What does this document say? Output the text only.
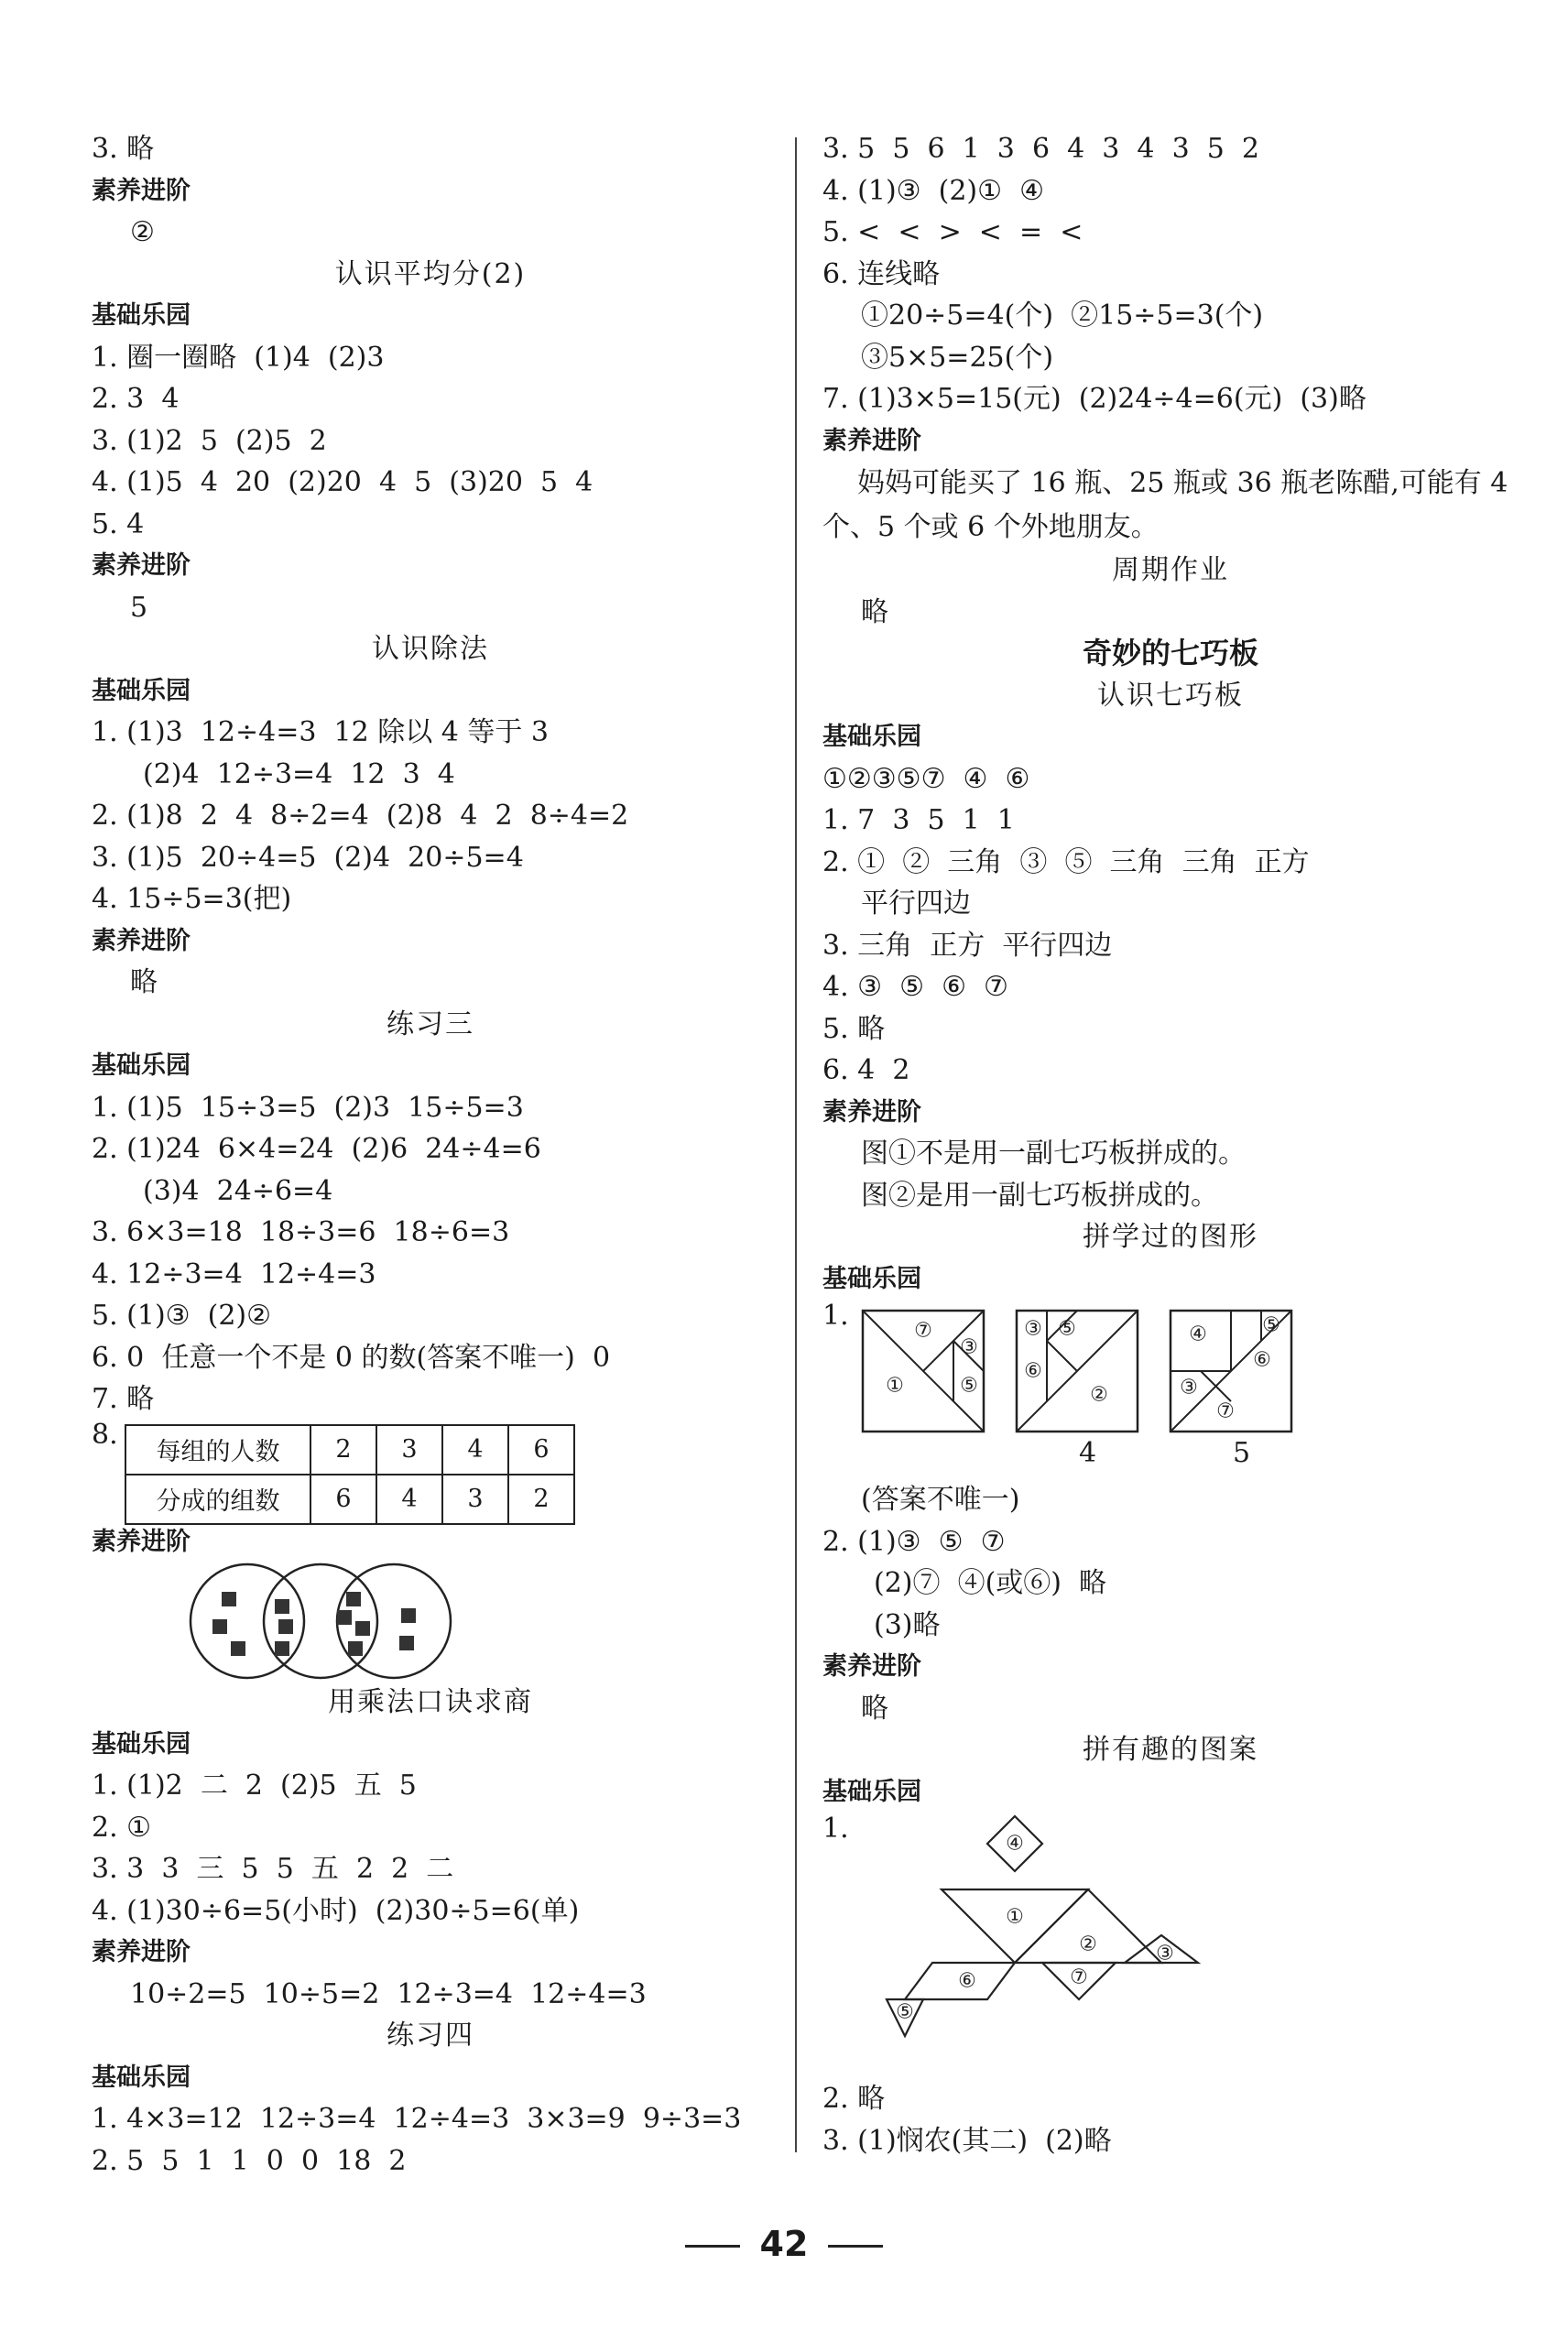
3. 略
素养进阶
②
认识平均分(2)
基础乐园
1. 圈一圈略  (1)4  (2)3
2. 3  4
3. (1)2  5  (2)5  2
4. (1)5  4  20  (2)20  4  5  (3)20  5  4
5. 4
素养进阶
5
认识除法
基础乐园
1. (1)3  12÷4=3  12 除以 4 等于 3
(2)4  12÷3=4  12  3  4
2. (1)8  2  4  8÷2=4  (2)8  4  2  8÷4=2
3. (1)5  20÷4=5  (2)4  20÷5=4
4. 15÷5=3(把)
素养进阶
略
练习三
基础乐园
1. (1)5  15÷3=5  (2)3  15÷5=3
2. (1)24  6×4=24  (2)6  24÷4=6
(3)4  24÷6=4
3. 6×3=18  18÷3=6  18÷6=3
4. 12÷3=4  12÷4=3
5. (1)③  (2)②
6. 0  任意一个不是 0 的数(答案不唯一)  0
7. 略
8.
每组的人数	2	3	4	6
分成的组数	6	4	3	2
素养进阶
用乘法口诀求商
基础乐园
1. (1)2  二  2  (2)5  五  5
2. ①
3. 3  3  三  5  5  五  2  2  二
4. (1)30÷6=5(小时)  (2)30÷5=6(单)
素养进阶
10÷2=5  10÷5=2  12÷3=4  12÷4=3
练习四
基础乐园
1. 4×3=12  12÷3=4  12÷4=3  3×3=9  9÷3=3
2. 5  5  1  1  0  0  18  2
3. 5  5  6  1  3  6  4  3  4  3  5  2
4. (1)③  (2)①  ④
5. <  <  >  <  =  <
6. 连线略
①20÷5=4(个)  ②15÷5=3(个)
③5×5=25(个)
7. (1)3×5=15(元)  (2)24÷4=6(元)  (3)略
素养进阶
妈妈可能买了 16 瓶、25 瓶或 36 瓶老陈醋,可能有 4 个、5 个或 6 个外地朋友。
周期作业
略
奇妙的七巧板
认识七巧板
基础乐园
①②③⑤⑦  ④  ⑥
1. 7  3  5  1  1
2. ①  ②  三角  ③  ⑤  三角  三角  正方
平行四边
3. 三角  正方  平行四边
4. ③  ⑤  ⑥  ⑦
5. 略
6. 4  2
素养进阶
图①不是用一副七巧板拼成的。
图②是用一副七巧板拼成的。
拼学过的图形
基础乐园
1.
①
⑦
③
⑤
③ ⑤
⑥
②
④	⑤
⑥
③
⑦
4	5
(答案不唯一)
2. (1)③  ⑤  ⑦
(2)⑦  ④(或⑥)  略
(3)略
素养进阶
略
拼有趣的图案
基础乐园
1.	④
①
②	③
⑥	⑦
⑤
2. 略
3. (1)悯农(其二)  (2)略
42
